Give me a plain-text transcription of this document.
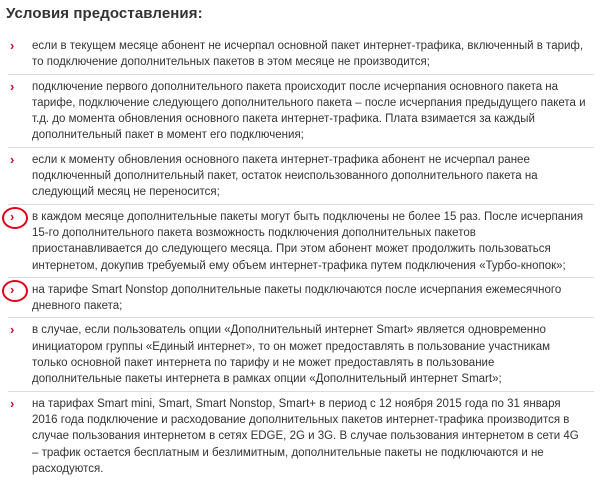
Условия предоставления:
› если в текущем месяце абонент не исчерпал основной пакет интернет-трафика, включенный в тариф, то подключение дополнительных пакетов в этом месяце не производится;
› подключение первого дополнительного пакета происходит после исчерпания основного пакета на тарифе, подключение следующего дополнительного пакета – после исчерпания предыдущего пакета и т.д. до момента обновления основного пакета интернет-трафика. Плата взимается за каждый дополнительный пакет в момент его подключения;
› если к моменту обновления основного пакета интернет-трафика абонент не исчерпал ранее подключенный дополнительный пакет, остаток неиспользованного дополнительного пакета на следующий месяц не переносится;
› в каждом месяце дополнительные пакеты могут быть подключены не более 15 раз. После исчерпания 15-го дополнительного пакета возможность подключения дополнительных пакетов приостанавливается до следующего месяца. При этом абонент может продолжить пользоваться интернетом, докупив требуемый ему объем интернет-трафика путем подключения «Турбо-кнопок»;
› на тарифе Smart Nonstop дополнительные пакеты подключаются после исчерпания ежемесячного дневного пакета;
› в случае, если пользователь опции «Дополнительный интернет Smart» является одновременно инициатором группы «Единый интернет», то он может предоставлять в пользование участникам только основной пакет интернета по тарифу и не может предоставлять в пользование дополнительные пакеты интернета в рамках опции «Дополнительный интернет Smart»;
› на тарифах Smart mini, Smart, Smart Nonstop, Smart+ в период с 12 ноября 2015 года по 31 января 2016 года подключение и расходование дополнительных пакетов интернет-трафика производится в случае пользования интернетом в сетях EDGE, 2G и 3G. В случае пользования интернетом в сети 4G – трафик остается бесплатным и безлимитным, дополнительные пакеты не подключаются и не расходуются.
